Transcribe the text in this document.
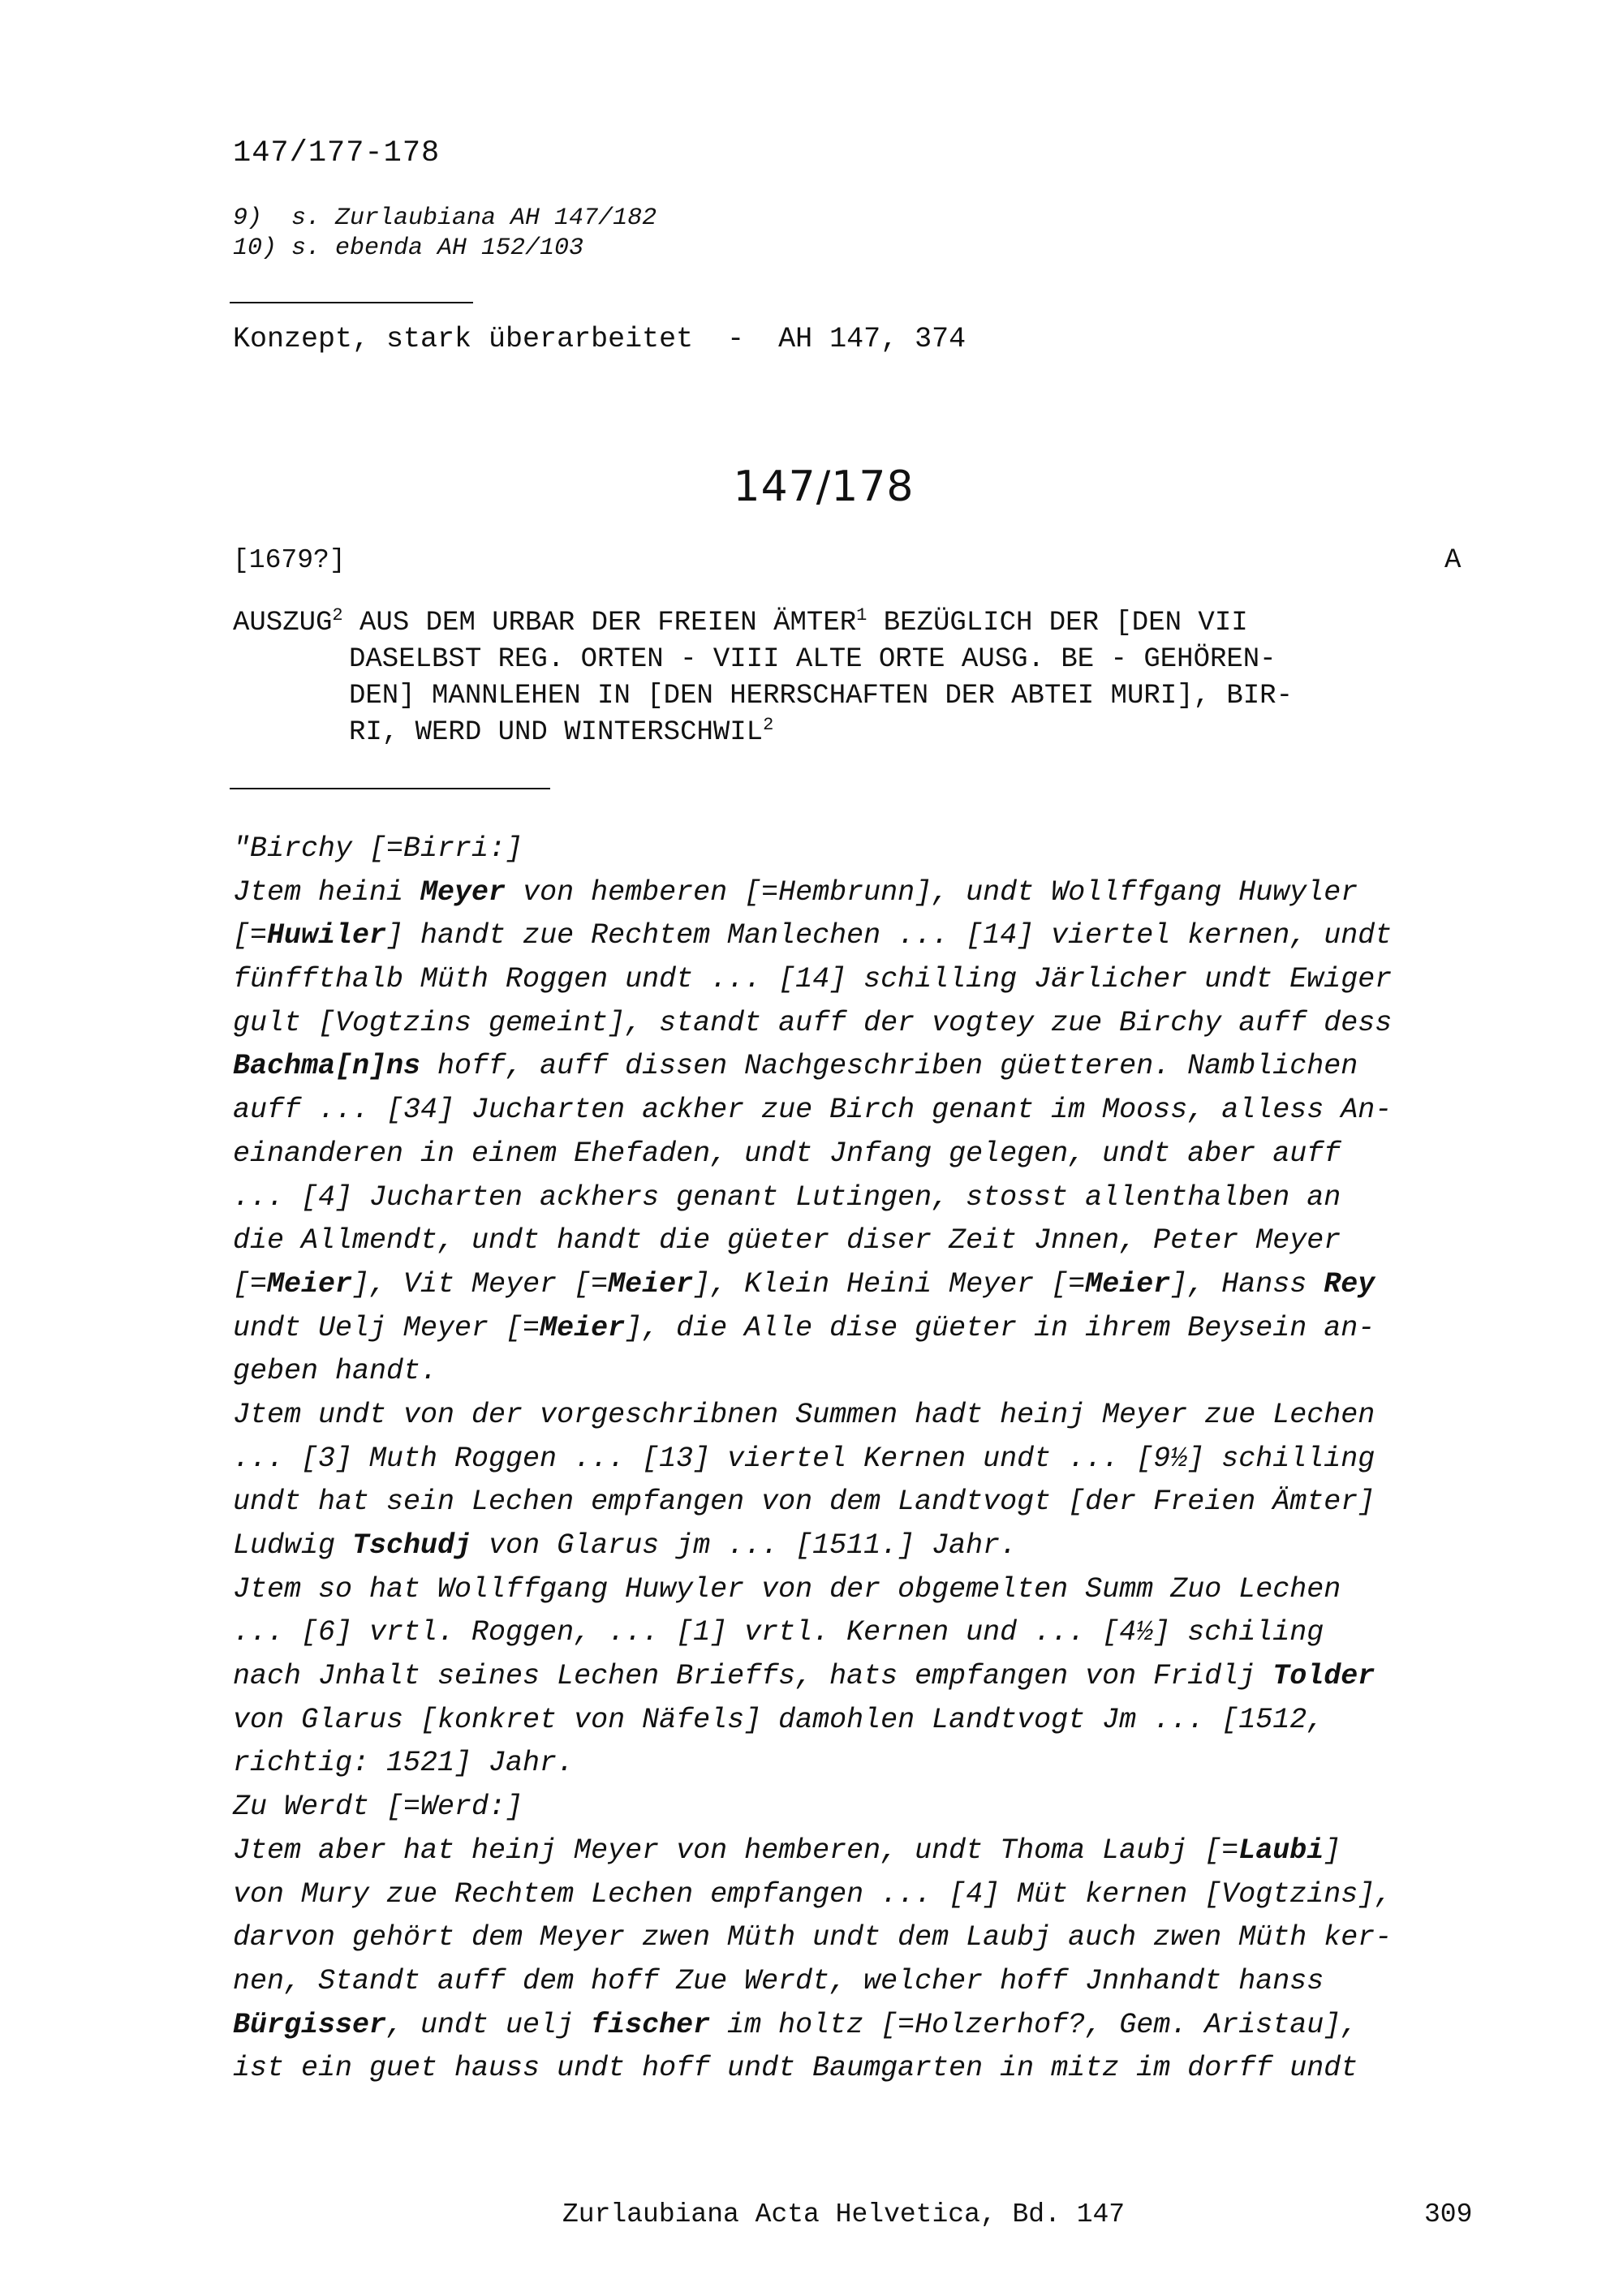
147/177-178
9) s. Zurlaubiana AH 147/182
10) s. ebenda AH 152/103
Konzept, stark überarbeitet  -  AH 147, 374
147/178
[1679?]	A
AUSZUG$^2$ AUS DEM URBAR DER FREIEN ÄMTER$^1$ BEZÜGLICH DER [DEN VII
DASELBST REG. ORTEN - VIII ALTE ORTE AUSG. BE - GEHÖREN-
DEN] MANNLEHEN IN [DEN HERRSCHAFTEN DER ABTEI MURI], BIR-
RI, WERD UND WINTERSCHWIL$^2$
"Birchy [=Birri:]
Jtem heini Meyer von hemberen [=Hembrunn], undt Wollffgang Huwyler
[=Huwiler] handt zue Rechtem Manlechen ... [14] viertel kernen, undt
fünffthalb Müth Roggen undt ... [14] schilling Järlicher undt Ewiger
gult [Vogtzins gemeint], standt auff der vogtey zue Birchy auff dess
Bachma[n]ns hoff, auff dissen Nachgeschriben güetteren. Namblichen
auff ... [34] Jucharten ackher zue Birch genant im Mooss, alless An-
einanderen in einem Ehefaden, undt Jnfang gelegen, undt aber auff
... [4] Jucharten ackhers genant Lutingen, stosst allenthalben an
die Allmendt, undt handt die güeter diser Zeit Jnnen, Peter Meyer
[=Meier], Vit Meyer [=Meier], Klein Heini Meyer [=Meier], Hanss Rey
undt Uelj Meyer [=Meier], die Alle dise güeter in ihrem Beysein an-
geben handt.
Jtem undt von der vorgeschribnen Summen hadt heinj Meyer zue Lechen
... [3] Muth Roggen ... [13] viertel Kernen undt ... [9½] schilling
undt hat sein Lechen empfangen von dem Landtvogt [der Freien Ämter]
Ludwig Tschudj von Glarus jm ... [1511.] Jahr.
Jtem so hat Wollffgang Huwyler von der obgemelten Summ Zuo Lechen
... [6] vrtl. Roggen, ... [1] vrtl. Kernen und ... [4½] schiling
nach Jnhalt seines Lechen Brieffs, hats empfangen von Fridlj Tolder
von Glarus [konkret von Näfels] damohlen Landtvogt Jm ... [1512,
richtig: 1521] Jahr.
Zu Werdt [=Werd:]
Jtem aber hat heinj Meyer von hemberen, undt Thoma Laubj [=Laubi]
von Mury zue Rechtem Lechen empfangen ... [4] Müt kernen [Vogtzins],
darvon gehört dem Meyer zwen Müth undt dem Laubj auch zwen Müth ker-
nen, Standt auff dem hoff Zue Werdt, welcher hoff Jnnhandt hanss
Bürgisser, undt uelj fischer im holtz [=Holzerhof?, Gem. Aristau],
ist ein guet hauss undt hoff undt Baumgarten in mitz im dorff undt
Zurlaubiana Acta Helvetica, Bd. 147	309
